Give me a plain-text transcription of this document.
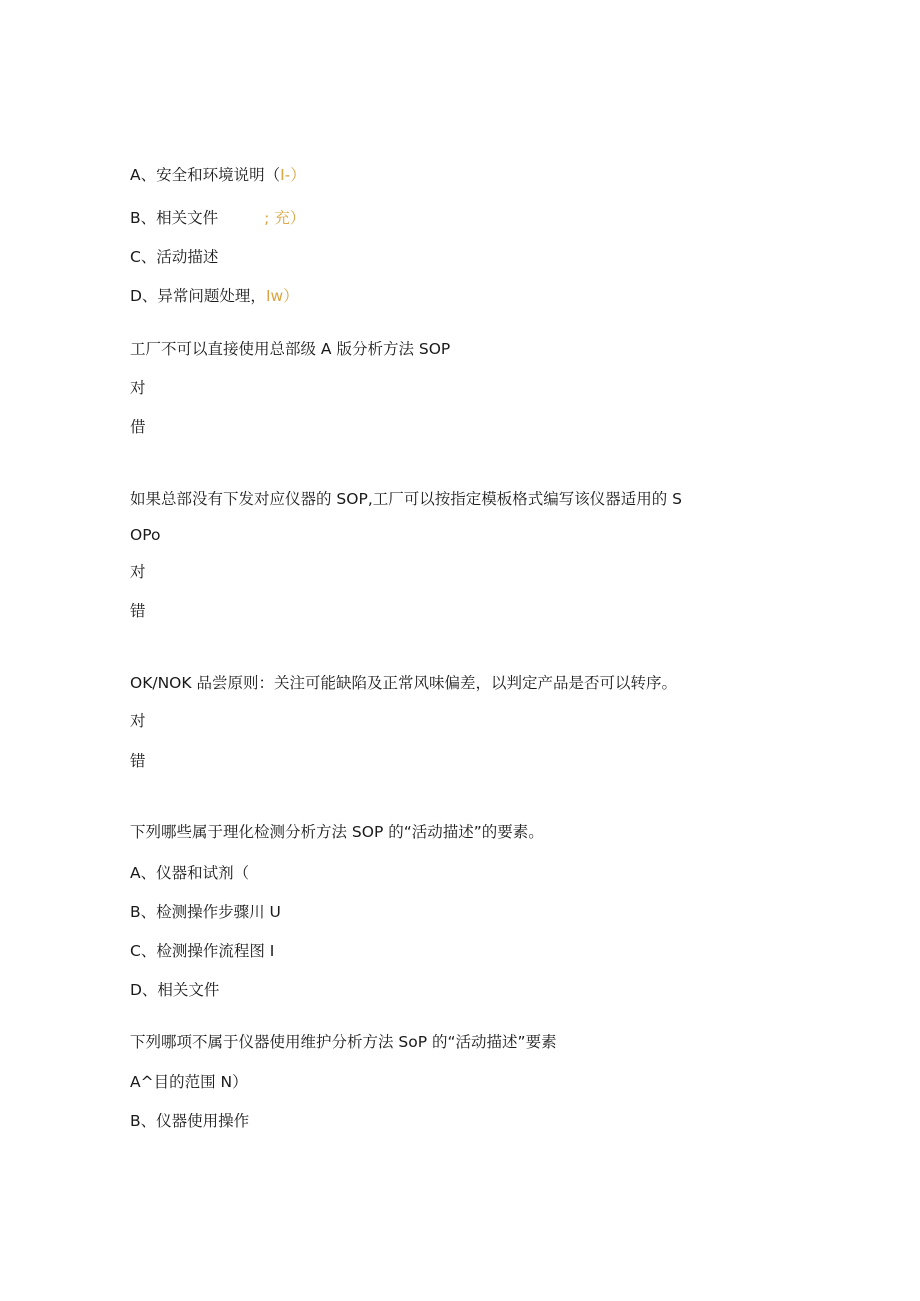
A、安全和环境说明（I-）
B、相关文件	; 充）
C、活动描述
D、异常问题处理，Iw）
工厂不可以直接使用总部级 A 版分析方法 SOP
对
借
如果总部没有下发对应仪器的 SOP,工厂可以按指定模板格式编写该仪器适用的 S
OPo
对
错
OK/NOK 品尝原则：关注可能缺陷及正常风味偏差，以判定产品是否可以转序。
对
错
下列哪些属于理化检测分析方法 SOP 的“活动描述”的要素。
A、仪器和试剂（
B、检测操作步骤川 U
C、检测操作流程图 I
D、相关文件
下列哪项不属于仪器使用维护分析方法 SoP 的“活动描述”要素
A^目的范围 N）
B、仪器使用操作
